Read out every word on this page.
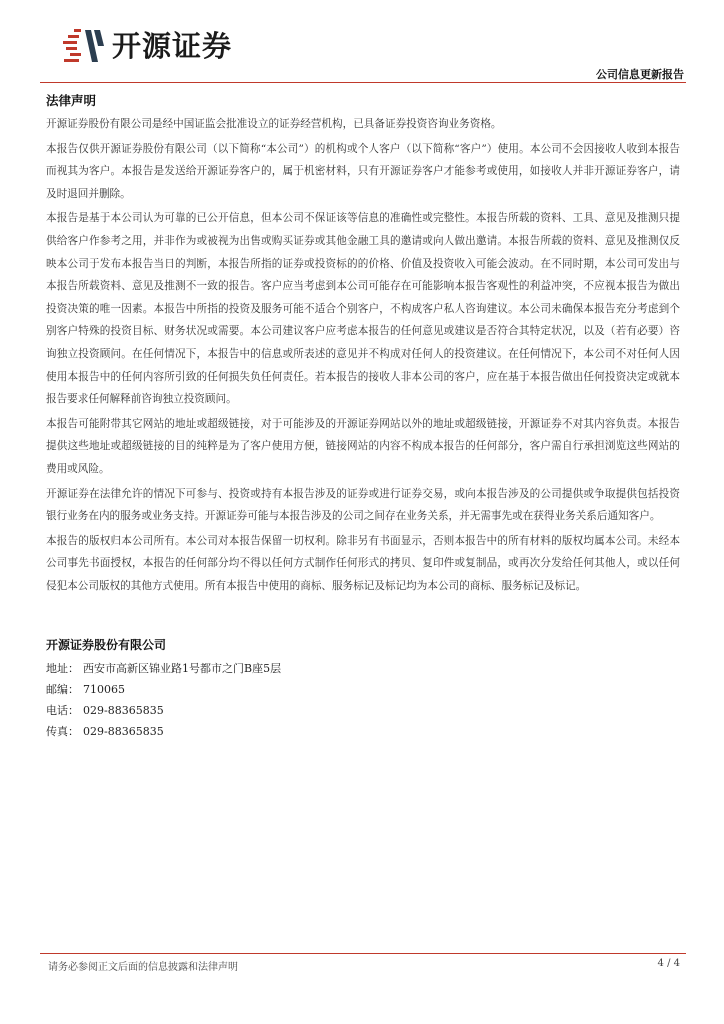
开源证券
公司信息更新报告
法律声明

开源证券股份有限公司是经中国证监会批准设立的证券经营机构，已具备证券投资咨询业务资格。

本报告仅供开源证券股份有限公司（以下简称“本公司”）的机构或个人客户（以下简称“客户”）使用。本公司不会因接收人收到本报告而视其为客户。本报告是发送给开源证券客户的，属于机密材料，只有开源证券客户才能参考或使用，如接收人并非开源证券客户，请及时退回并删除。

本报告是基于本公司认为可靠的已公开信息，但本公司不保证该等信息的准确性或完整性。本报告所载的资料、工具、意见及推测只提供给客户作参考之用，并非作为或被视为出售或购买证券或其他金融工具的邀请或向人做出邀请。本报告所载的资料、意见及推测仅反映本公司于发布本报告当日的判断，本报告所指的证券或投资标的的价格、价值及投资收入可能会波动。在不同时期，本公司可发出与本报告所载资料、意见及推测不一致的报告。客户应当考虑到本公司可能存在可能影响本报告客观性的利益冲突，不应视本报告为做出投资决策的唯一因素。本报告中所指的投资及服务可能不适合个别客户，不构成客户私人咨询建议。本公司未确保本报告充分考虑到个别客户特殊的投资目标、财务状况或需要。本公司建议客户应考虑本报告的任何意见或建议是否符合其特定状况，以及（若有必要）咨询独立投资顾问。在任何情况下，本报告中的信息或所表述的意见并不构成对任何人的投资建议。在任何情况下，本公司不对任何人因使用本报告中的任何内容所引致的任何损失负任何责任。若本报告的接收人非本公司的客户，应在基于本报告做出任何投资决定或就本报告要求任何解释前咨询独立投资顾问。

本报告可能附带其它网站的地址或超级链接，对于可能涉及的开源证券网站以外的地址或超级链接，开源证券不对其内容负责。本报告提供这些地址或超级链接的目的纯粹是为了客户使用方便，链接网站的内容不构成本报告的任何部分，客户需自行承担浏览这些网站的费用或风险。

开源证券在法律允许的情况下可参与、投资或持有本报告涉及的证券或进行证券交易，或向本报告涉及的公司提供或争取提供包括投资银行业务在内的服务或业务支持。开源证券可能与本报告涉及的公司之间存在业务关系，并无需事先或在获得业务关系后通知客户。

本报告的版权归本公司所有。本公司对本报告保留一切权利。除非另有书面显示，否则本报告中的所有材料的版权均属本公司。未经本公司事先书面授权，本报告的任何部分均不得以任何方式制作任何形式的拷贝、复印件或复制品，或再次分发给任何其他人，或以任何侵犯本公司版权的其他方式使用。所有本报告中使用的商标、服务标记及标记均为本公司的商标、服务标记及标记。

开源证券股份有限公司
地址： 西安市高新区锦业路1号都市之门B座5层
邮编： 710065
电话： 029-88365835
传真： 029-88365835
请务必参阅正文后面的信息披露和法律声明	4 / 4
